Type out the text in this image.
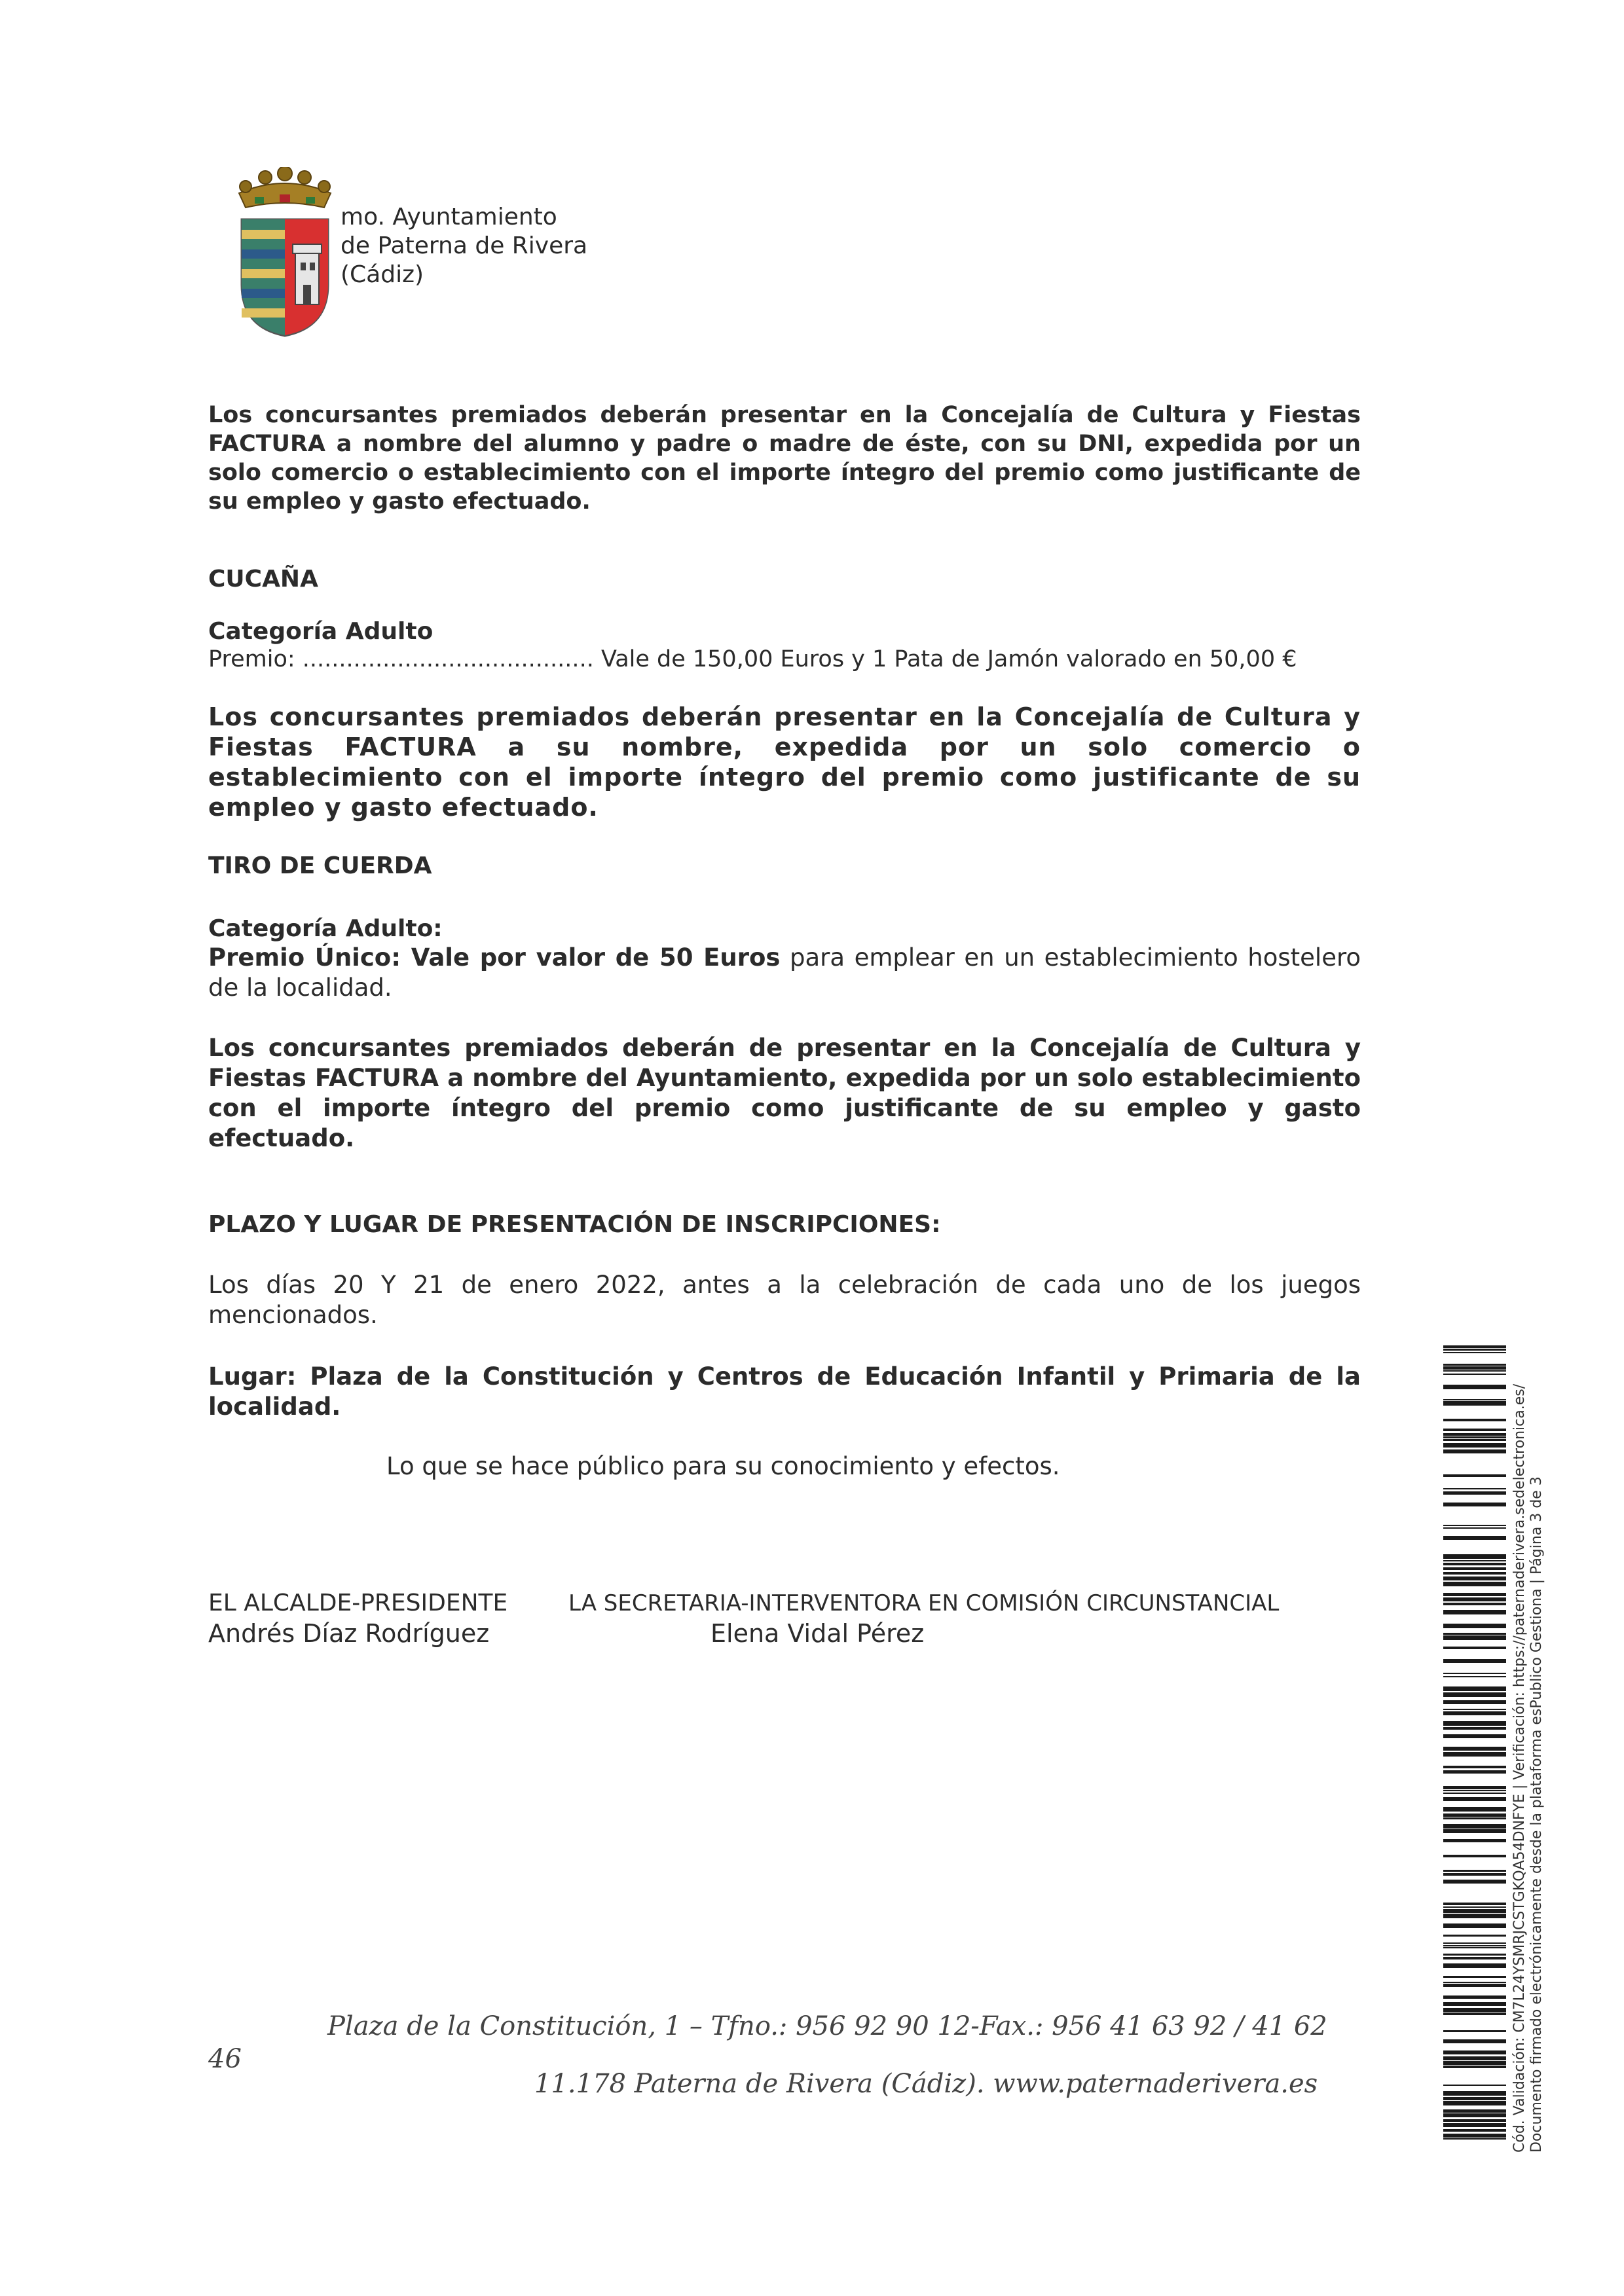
mo. Ayuntamiento
de Paterna de Rivera
(Cádiz)
Los concursantes premiados deberán presentar en la Concejalía de Cultura y Fiestas FACTURA a nombre del alumno y padre o madre de éste, con su DNI, expedida por un solo comercio o establecimiento con el importe íntegro del premio como justificante de su empleo y gasto efectuado.
CUCAÑA
Categoría Adulto
Premio: ........................................ Vale de 150,00 Euros y 1 Pata de Jamón valorado en 50,00 €
Los concursantes premiados deberán presentar en la Concejalía de Cultura y Fiestas FACTURA a su nombre, expedida por un solo comercio o establecimiento con el importe íntegro del premio como justificante de su empleo y gasto efectuado.
TIRO DE CUERDA
Categoría Adulto:
Premio Único: Vale por valor de 50 Euros para emplear en un establecimiento hostelero de la localidad.
Los concursantes premiados deberán de presentar en la Concejalía de Cultura y Fiestas FACTURA a nombre del Ayuntamiento, expedida por un solo establecimiento con el importe íntegro del premio como justificante de su empleo y gasto efectuado.
PLAZO Y LUGAR DE PRESENTACIÓN DE INSCRIPCIONES:
Los días 20 Y 21 de enero 2022, antes a la celebración de cada uno de los juegos mencionados.
Lugar: Plaza de la Constitución y Centros de Educación Infantil y Primaria de la localidad.
Lo que se hace público para su conocimiento y efectos.
EL ALCALDE-PRESIDENTE
Andrés Díaz Rodríguez
LA SECRETARIA-INTERVENTORA EN COMISIÓN CIRCUNSTANCIAL
Elena Vidal Pérez
46
Plaza de la Constitución, 1 – Tfno.: 956 92 90 12-Fax.: 956 41 63 92 / 41 62
11.178 Paterna de Rivera (Cádiz). www.paternaderivera.es	Cód. Validación: CM7L24YSMRJCSTGKQA54DNFYE | Verificación: https://paternaderivera.sedelectronica.es/ Documento firmado electrónicamente desde la plataforma esPublico Gestiona | Página 3 de 3
